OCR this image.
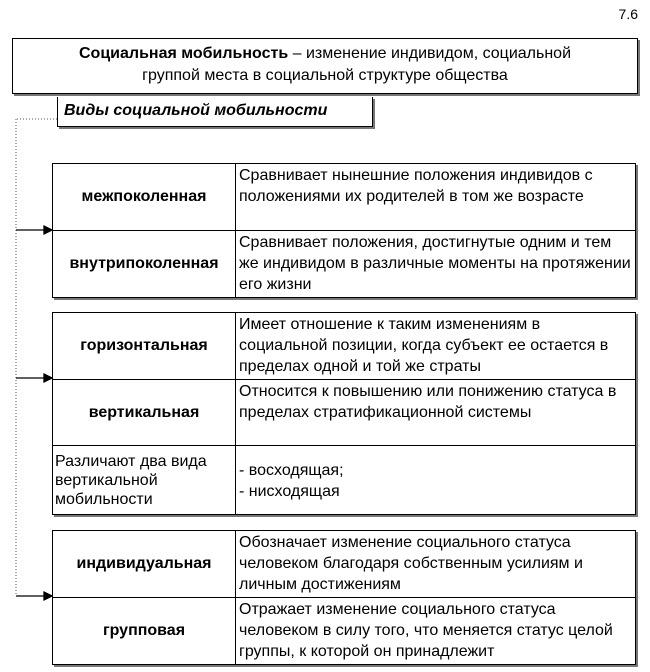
7.6
Социальная мобильность – изменение индивидом, социальной
группой места в социальной структуре общества
Виды социальной мобильности
межпоколенная
Сравнивает нынешние положения индивидов с положениями их родителей в том же возрасте
внутрипоколенная
Сравнивает положения, достигнутые одним и тем же индивидом в различные моменты на протяжении его жизни
горизонтальная
Имеет отношение к таким изменениям в социальной позиции, когда субъект ее остается в пределах одной и той же страты
вертикальная
Относится к повышению или понижению статуса в пределах стратификационной системы
Различают два вида вертикальной мобильности
- восходящая;
- нисходящая
индивидуальная
Обозначает изменение социального статуса человеком благодаря собственным усилиям и личным достижениям
групповая
Отражает изменение социального статуса человеком в силу того, что меняется статус целой группы, к которой он принадлежит
